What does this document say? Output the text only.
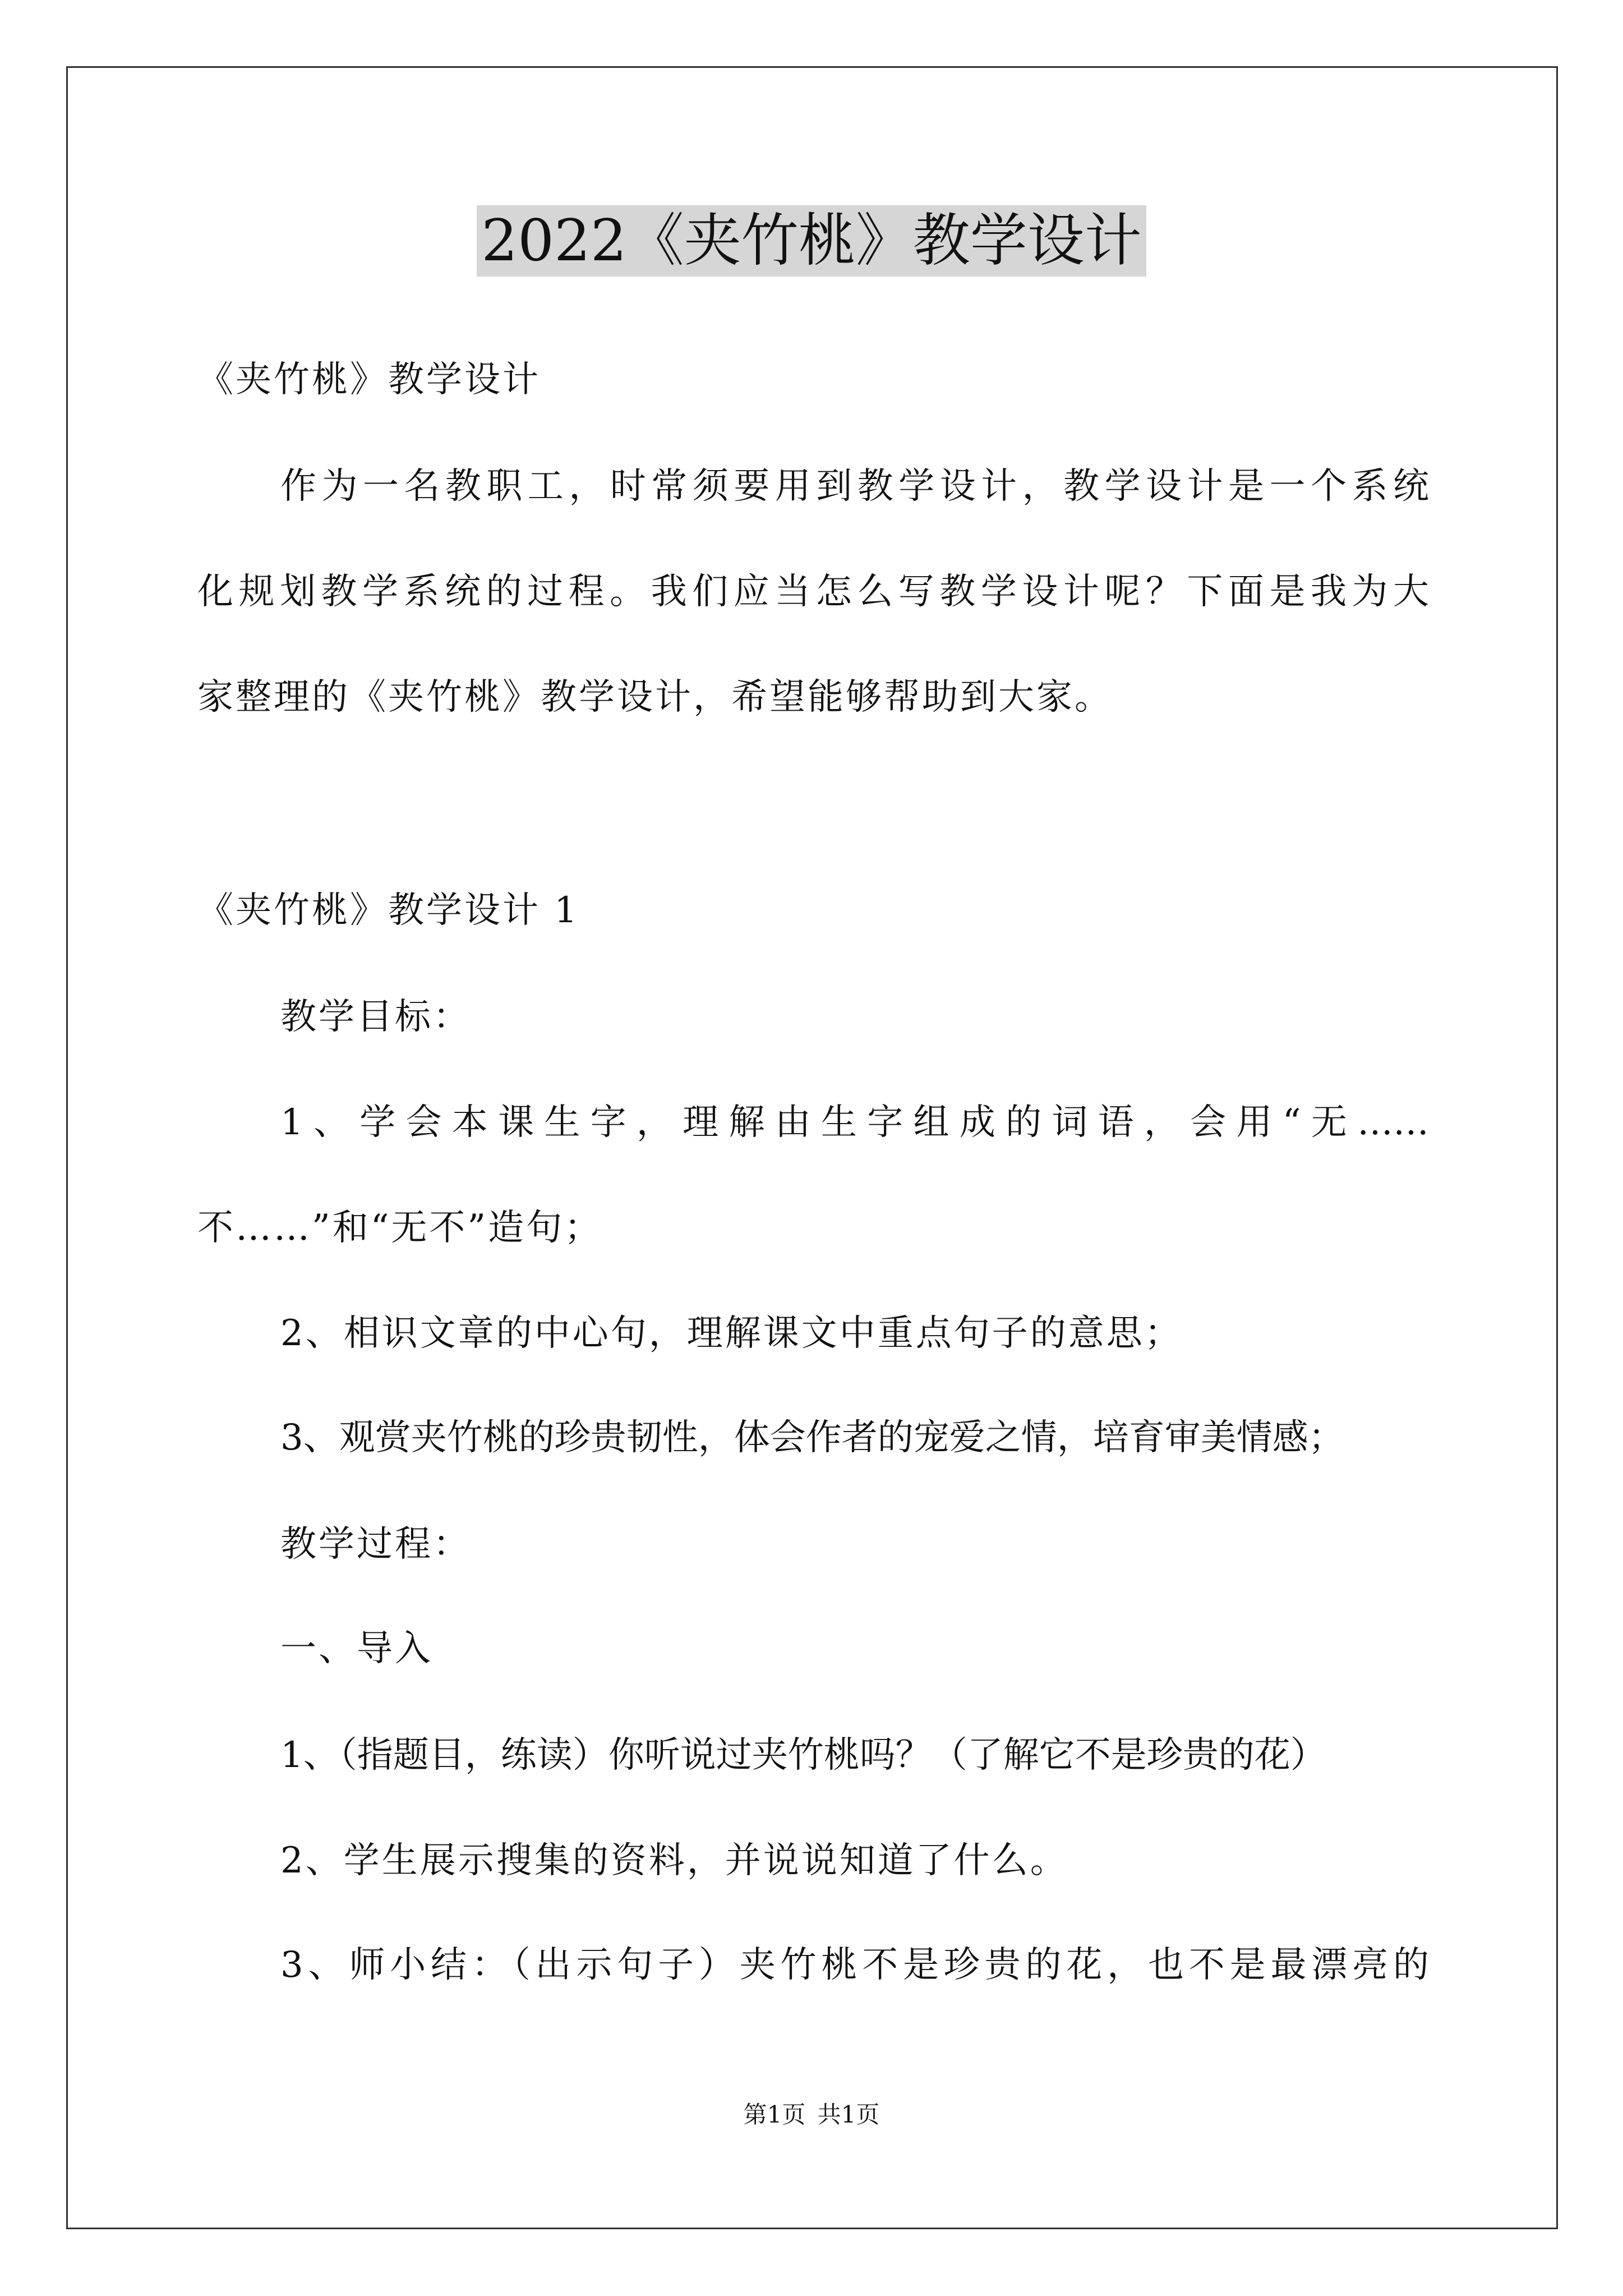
2022《夹竹桃》教学设计
《夹竹桃》教学设计
作为一名教职工，时常须要用到教学设计，教学设计是一个系统
化规划教学系统的过程。我们应当怎么写教学设计呢？下面是我为大
家整理的《夹竹桃》教学设计，希望能够帮助到大家。
《夹竹桃》教学设计 1
教学目标：
1、学会本课生字，理解由生字组成的词语，会用“无……
不……”和“无不”造句；
2、相识文章的中心句，理解课文中重点句子的意思；
3、观赏夹竹桃的珍贵韧性，体会作者的宠爱之情，培育审美情感；
教学过程：
一、导入
1、（指题目，练读）你听说过夹竹桃吗？（了解它不是珍贵的花）
2、学生展示搜集的资料，并说说知道了什么。
3、师小结：（出示句子）夹竹桃不是珍贵的花，也不是最漂亮的
第1页 共1页
